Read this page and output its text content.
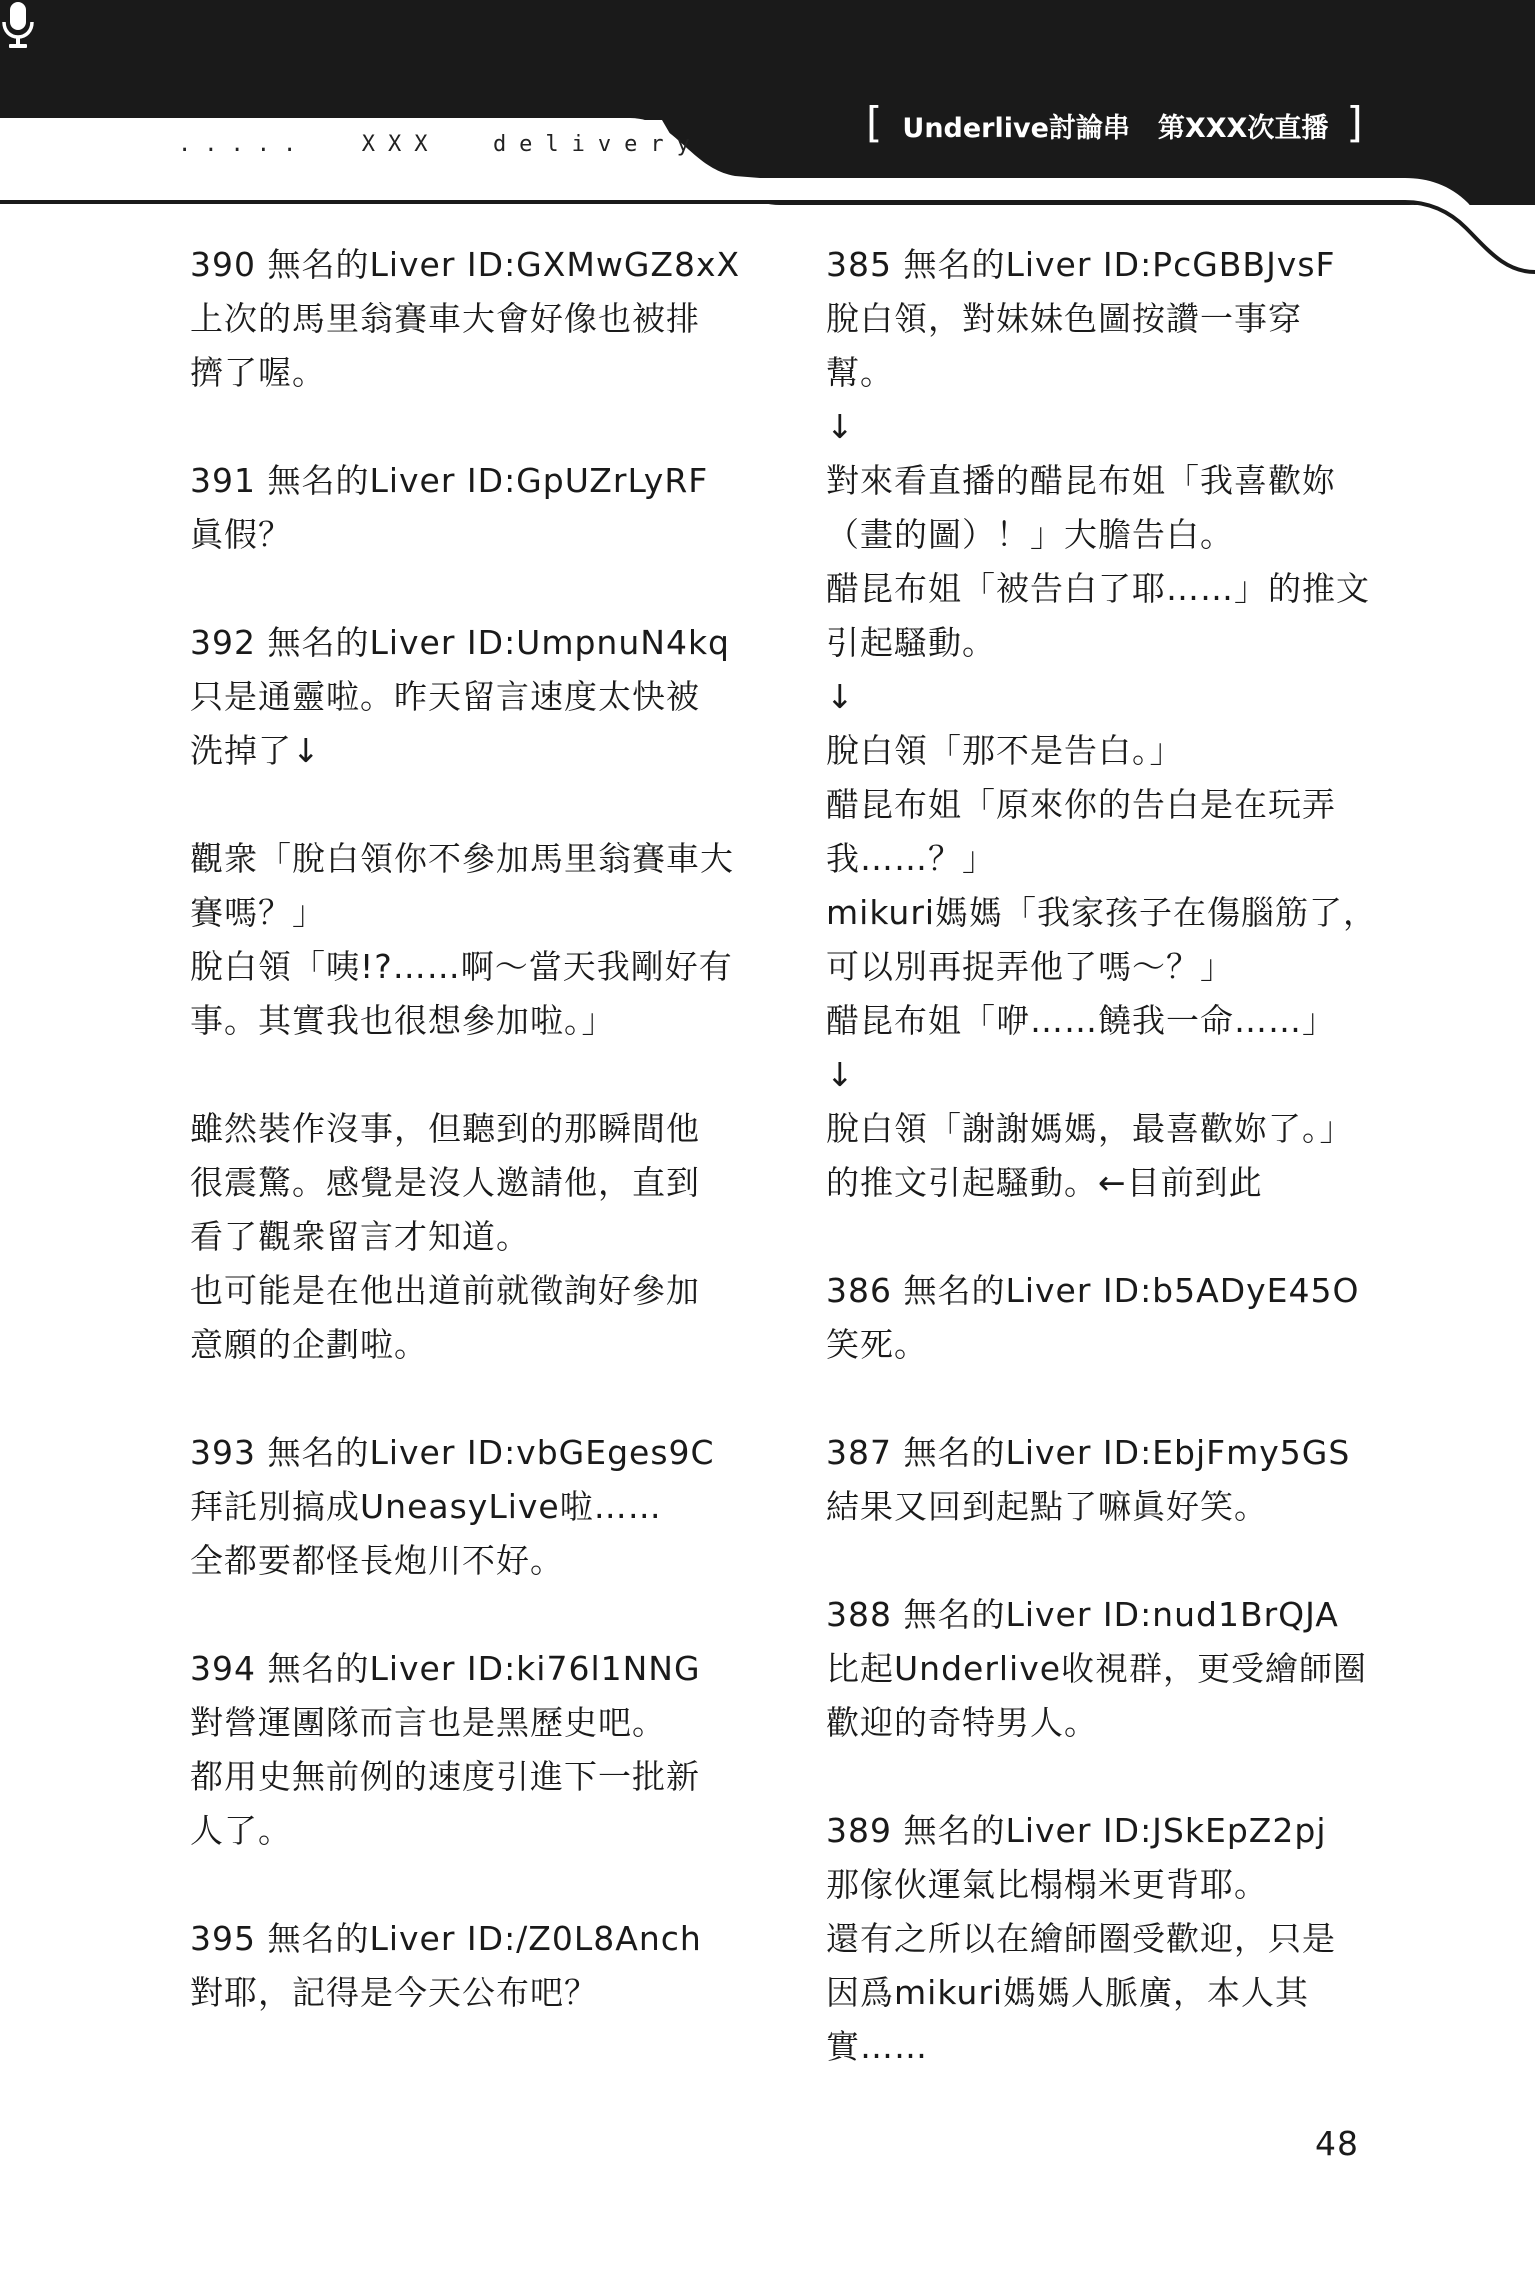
.....  XXX  delivery	[ Underlive討論串 第XXX次直播 ]

390 無名的Liver ID:GXMwGZ8xX

上次的馬里翁賽車大會好像也被排

擠了喔。

391 無名的Liver ID:GpUZrLyRF

眞假？

392 無名的Liver ID:UmpnuN4kq

只是通靈啦。昨天留言速度太快被

洗掉了↓

觀衆「脫白領你不參加馬里翁賽車大

賽嗎？」

脫白領「咦!?……啊～當天我剛好有

事。其實我也很想參加啦。」

雖然裝作沒事，但聽到的那瞬間他

很震驚。感覺是沒人邀請他，直到

看了觀衆留言才知道。

也可能是在他出道前就徵詢好參加

意願的企劃啦。

393 無名的Liver ID:vbGEges9C

拜託別搞成UneasyLive啦……

全都要都怪長炮川不好。

394 無名的Liver ID:ki76l1NNG

對營運團隊而言也是黑歷史吧。

都用史無前例的速度引進下一批新

人了。

395 無名的Liver ID:/Z0L8Anch

對耶，記得是今天公布吧？

385 無名的Liver ID:PcGBBJvsF

脫白領，對妹妹色圖按讚一事穿

幫。

↓

對來看直播的醋昆布姐「我喜歡妳

（畫的圖）！」大膽告白。

醋昆布姐「被告白了耶……」的推文

引起騷動。

↓

脫白領「那不是告白。」

醋昆布姐「原來你的告白是在玩弄

我……？」

mikuri媽媽「我家孩子在傷腦筋了，

可以別再捉弄他了嗎～？」

醋昆布姐「咿……饒我一命……」

↓

脫白領「謝謝媽媽，最喜歡妳了。」

的推文引起騷動。←目前到此

386 無名的Liver ID:b5ADyE45O

笑死。

387 無名的Liver ID:EbjFmy5GS

結果又回到起點了嘛眞好笑。

388 無名的Liver ID:nud1BrQJA

比起Underlive收視群，更受繪師圈

歡迎的奇特男人。

389 無名的Liver ID:JSkEpZ2pj

那傢伙運氣比榻榻米更背耶。

還有之所以在繪師圈受歡迎，只是

因爲mikuri媽媽人脈廣，本人其

實……

48
